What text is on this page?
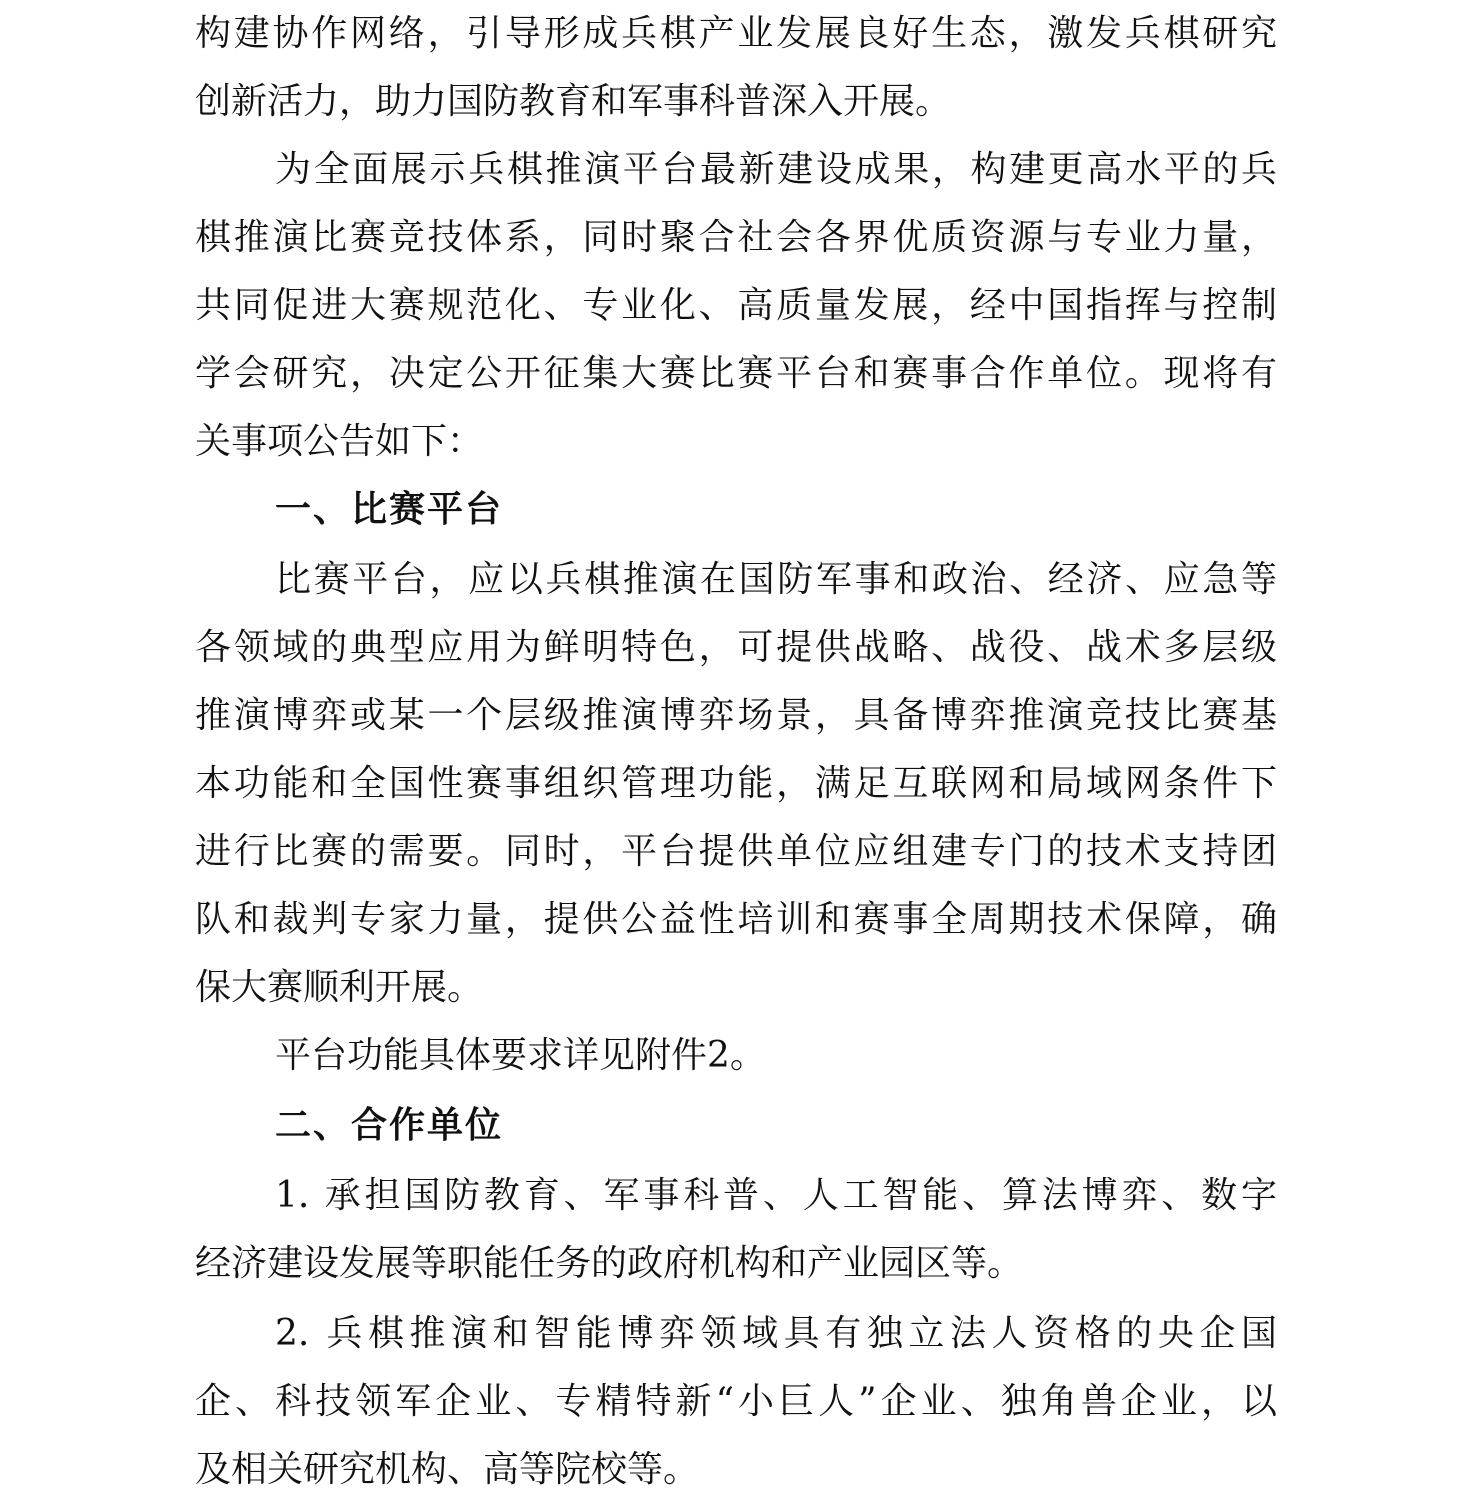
构建协作网络，引导形成兵棋产业发展良好生态，激发兵棋研究
创新活力，助力国防教育和军事科普深入开展。
为全面展示兵棋推演平台最新建设成果，构建更高水平的兵
棋推演比赛竞技体系，同时聚合社会各界优质资源与专业力量，
共同促进大赛规范化、专业化、高质量发展，经中国指挥与控制
学会研究，决定公开征集大赛比赛平台和赛事合作单位。现将有
关事项公告如下：
一、比赛平台
比赛平台，应以兵棋推演在国防军事和政治、经济、应急等
各领域的典型应用为鲜明特色，可提供战略、战役、战术多层级
推演博弈或某一个层级推演博弈场景，具备博弈推演竞技比赛基
本功能和全国性赛事组织管理功能，满足互联网和局域网条件下
进行比赛的需要。同时，平台提供单位应组建专门的技术支持团
队和裁判专家力量，提供公益性培训和赛事全周期技术保障，确
保大赛顺利开展。
平台功能具体要求详见附件2。
二、合作单位
1. 承担国防教育、军事科普、人工智能、算法博弈、数字
经济建设发展等职能任务的政府机构和产业园区等。
2. 兵棋推演和智能博弈领域具有独立法人资格的央企国
企、科技领军企业、专精特新“小巨人”企业、独角兽企业，以
及相关研究机构、高等院校等。
